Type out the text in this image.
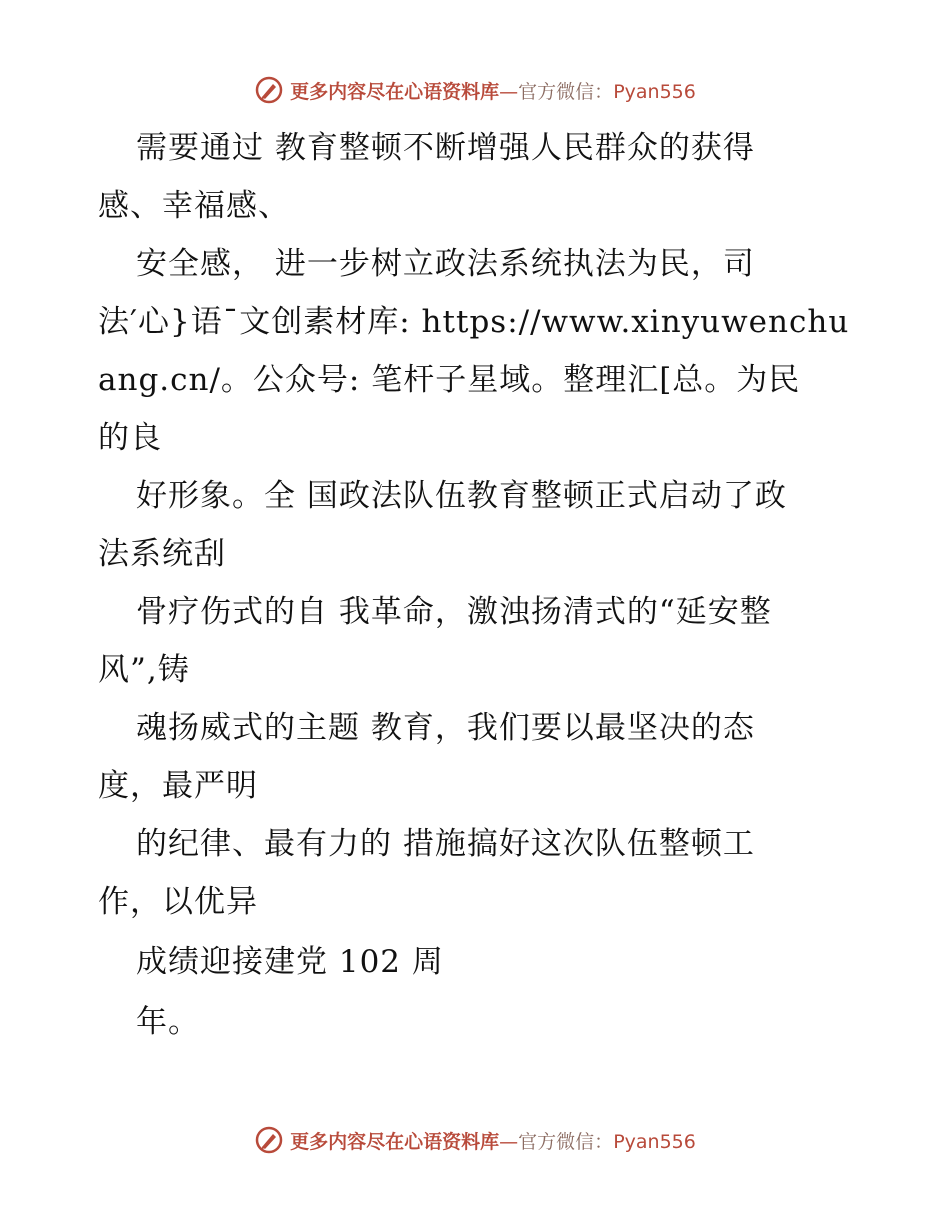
更多内容尽在心语资料库—官方微信：Pyan556
需要通过 教育整顿不断增强人民群众的获得
感、幸福感、
安全感， 进一步树立政法系统执法为民，司
法′心}语¯文创素材库: https://www.xinyuwenchu
ang.cn/。公众号: 笔杆子星域。整理汇[总。为民
的良
好形象。全 国政法队伍教育整顿正式启动了政
法系统刮
骨疗伤式的自 我革命，激浊扬清式的“延安整
风”,铸
魂扬威式的主题 教育，我们要以最坚决的态
度，最严明
的纪律、最有力的 措施搞好这次队伍整顿工
作，以优异
成绩迎接建党 102 周
年。
更多内容尽在心语资料库—官方微信：Pyan556
